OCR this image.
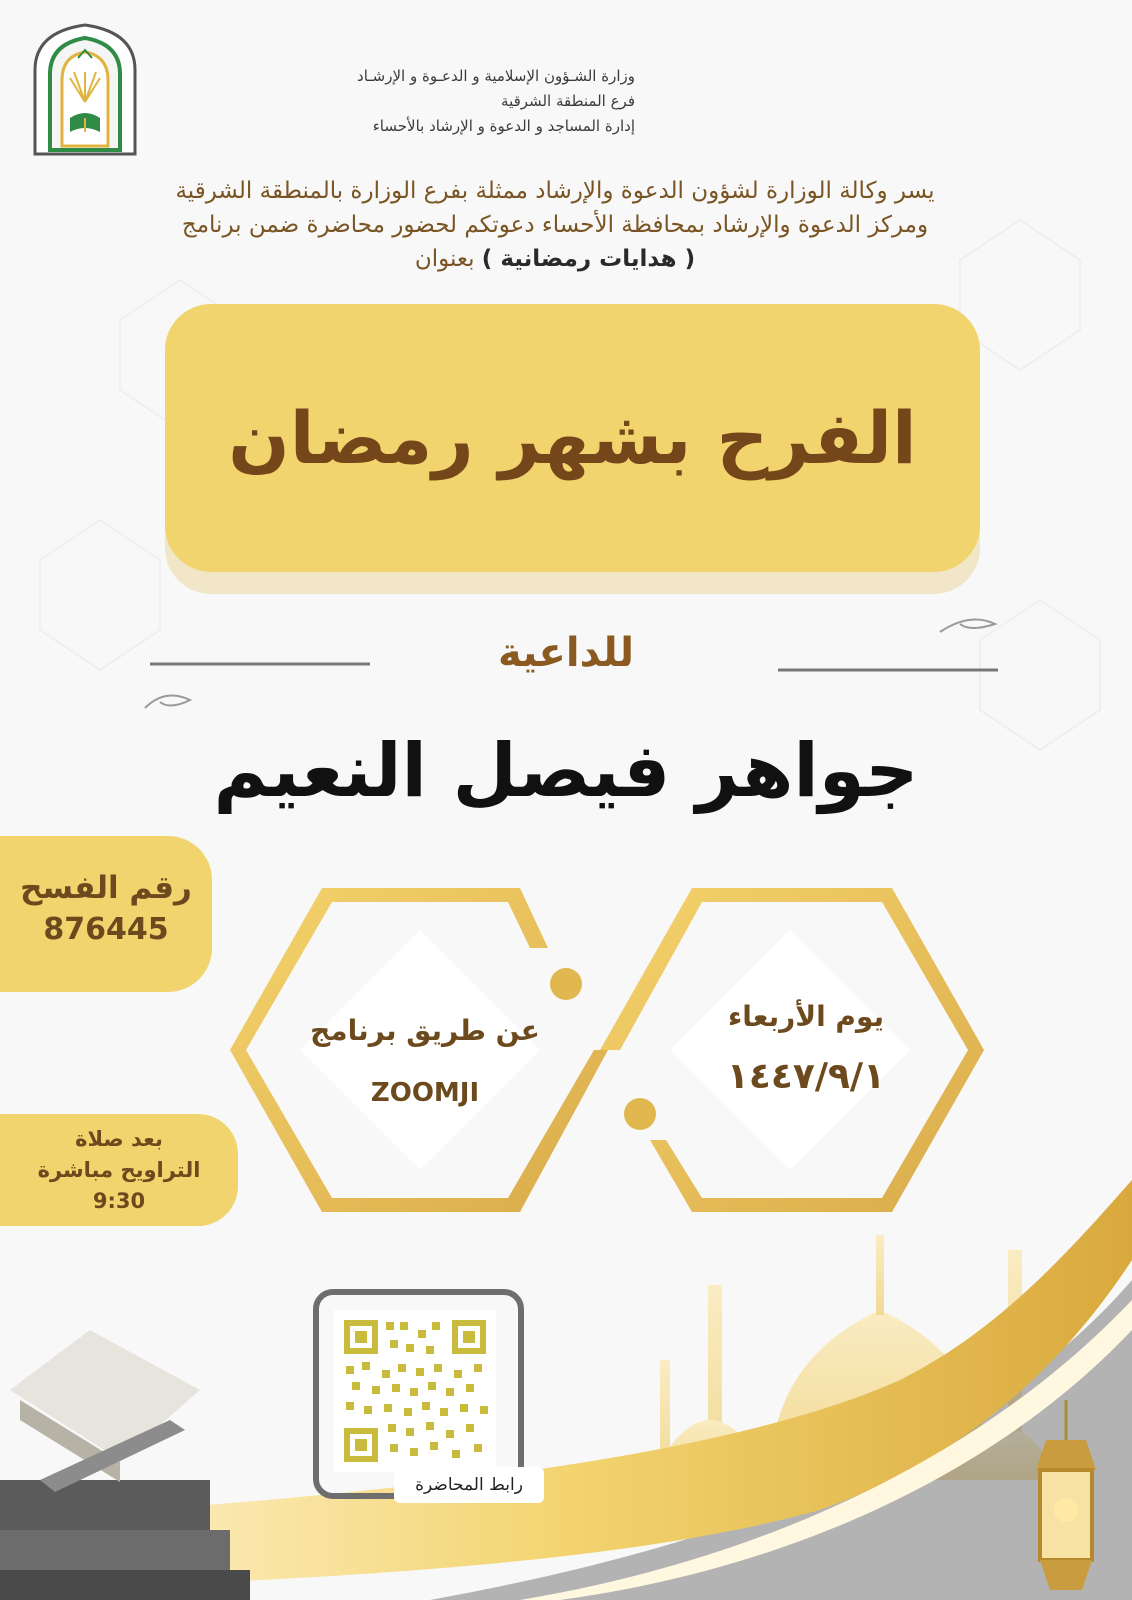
وزارة الشـؤون الإسلامية و الدعـوة و الإرشـاد
فرع المنطقة الشرقية
إدارة المساجد و الدعوة و الإرشاد بالأحساء
يسر وكالة الوزارة لشؤون الدعوة والإرشاد ممثلة بفرع الوزارة بالمنطقة الشرقية
ومركز الدعوة والإرشاد بمحافظة الأحساء دعوتكم لحضور محاضرة ضمن برنامج
( هدايات رمضانية ) بعنوان
الفرح بشهر رمضان
للداعية
جواهر فيصل النعيم
رقم الفسح
876445
بعد صلاة
التراويح مباشرة
9:30
عن طريق برنامج
ZOOMJI
يوم الأربعاء
١٤٤٧/٩/١
رابط المحاضرة
